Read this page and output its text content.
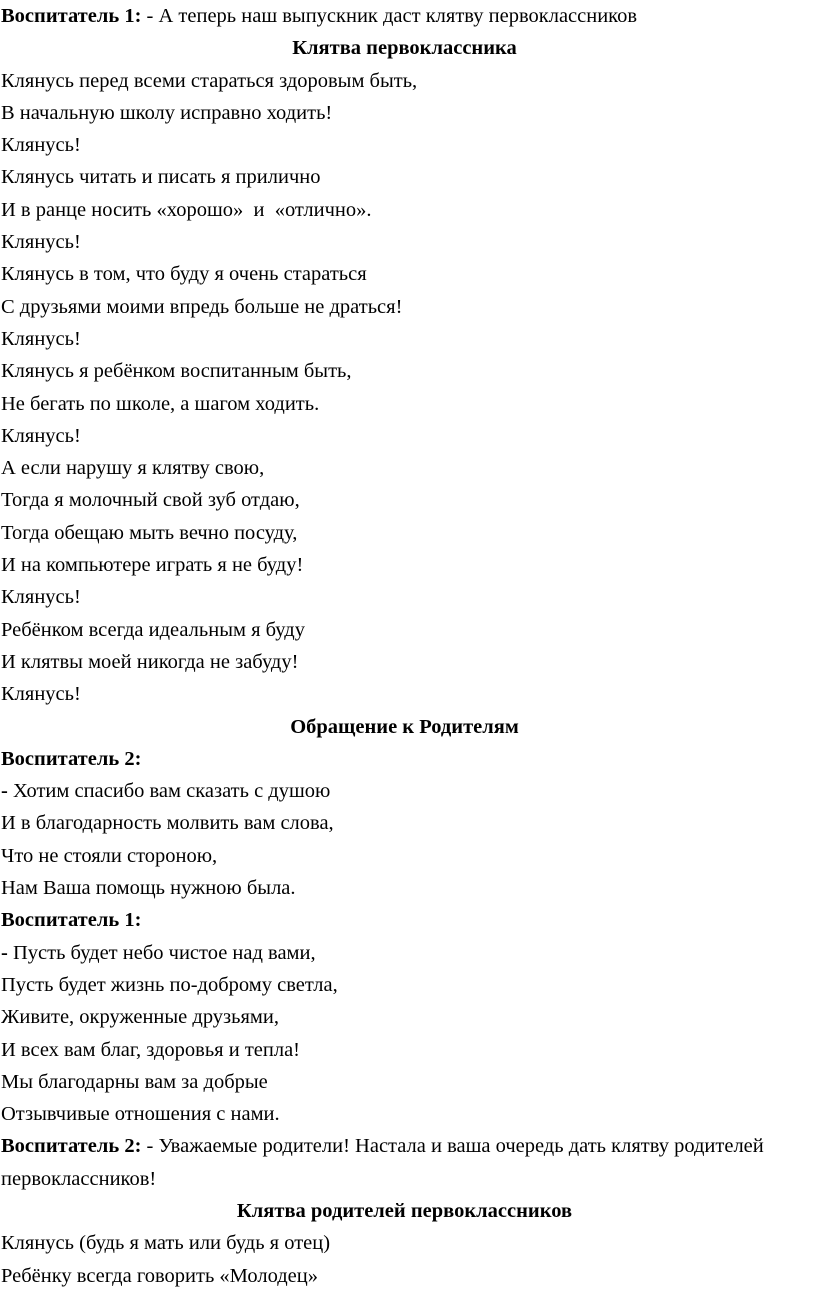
Воспитатель 1: - А теперь наш выпускник даст клятву первоклассников
Клятва первоклассника
Клянусь перед всеми стараться здоровым быть,
В начальную школу исправно ходить!
Клянусь!
Клянусь читать и писать я прилично
И в ранце носить «хорошо»  и  «отлично».
Клянусь!
Клянусь в том, что буду я очень стараться
С друзьями моими впредь больше не драться!
Клянусь!
Клянусь я ребёнком воспитанным быть,
Не бегать по школе, а шагом ходить.
Клянусь!
А если нарушу я клятву свою,
Тогда я молочный свой зуб отдаю,
Тогда обещаю мыть вечно посуду,
И на компьютере играть я не буду!
Клянусь!
Ребёнком всегда идеальным я буду
И клятвы моей никогда не забуду!
Клянусь!
Обращение к Родителям
Воспитатель 2:
- Хотим спасибо вам сказать с душою
И в благодарность молвить вам слова,
Что не стояли стороною,
Нам Ваша помощь нужною была.
Воспитатель 1:
- Пусть будет небо чистое над вами,
Пусть будет жизнь по-доброму светла,
Живите, окруженные друзьями,
И всех вам благ, здоровья и тепла!
Мы благодарны вам за добрые
Отзывчивые отношения с нами.
Воспитатель 2: - Уважаемые родители! Настала и ваша очередь дать клятву родителей первоклассников!
Клятва родителей первоклассников
Клянусь (будь я мать или будь я отец)
Ребёнку всегда говорить «Молодец»
